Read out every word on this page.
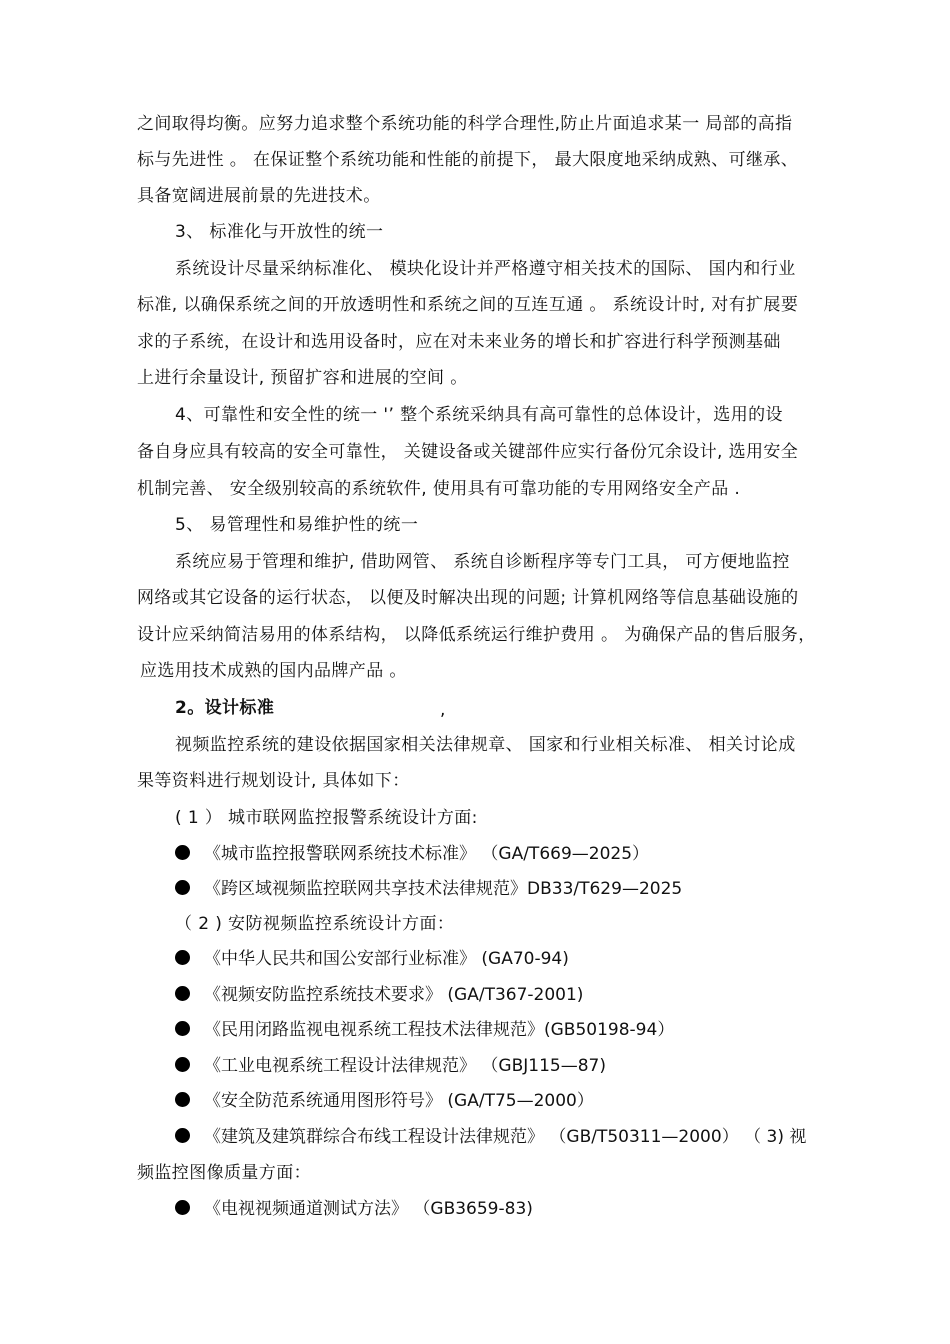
之间取得均衡。应努力追求整个系统功能的科学合理性,防止片面追求某一 局部的高指
标与先进性 。 在保证整个系统功能和性能的前提下， 最大限度地采纳成熟、可继承、
具备宽阔进展前景的先进技术。
3、 标准化与开放性的统一
系统设计尽量采纳标准化、 模块化设计并严格遵守相关技术的国际、 国内和行业
标准, 以确保系统之间的开放透明性和系统之间的互连互通 。 系统设计时, 对有扩展要
求的子系统，在设计和选用设备时，应在对未来业务的增长和扩容进行科学预测基础
上进行余量设计, 预留扩容和进展的空间 。
4、可靠性和安全性的统一 '’ 整个系统采纳具有高可靠性的总体设计，选用的设
备自身应具有较高的安全可靠性， 关键设备或关键部件应实行备份冗余设计, 选用安全
机制完善、 安全级别较高的系统软件, 使用具有可靠功能的专用网络安全产品 .
5、 易管理性和易维护性的统一
系统应易于管理和维护, 借助网管、 系统自诊断程序等专门工具， 可方便地监控
网络或其它设备的运行状态， 以便及时解决出现的问题; 计算机网络等信息基础设施的
设计应采纳简洁易用的体系结构， 以降低系统运行维护费用 。 为确保产品的售后服务，
应选用技术成熟的国内品牌产品 。
2。设计标准	,
视频监控系统的建设依据国家相关法律规章、 国家和行业相关标准、 相关讨论成
果等资料进行规划设计, 具体如下：
( 1 ） 城市联网监控报警系统设计方面:
《城市监控报警联网系统技术标准》 （GA/T669—2025）
《跨区域视频监控联网共享技术法律规范》DB33/T629—2025
（ 2 ) 安防视频监控系统设计方面：
《中华人民共和国公安部行业标准》 (GA70-94)
《视频安防监控系统技术要求》 (GA/T367-2001)
《民用闭路监视电视系统工程技术法律规范》(GB50198-94）
《工业电视系统工程设计法律规范》 （GBJ115—87)
《安全防范系统通用图形符号》 (GA/T75—2000）
《建筑及建筑群综合布线工程设计法律规范》 （GB/T50311—2000） （ 3) 视
频监控图像质量方面：
《电视视频通道测试方法》 （GB3659-83)
